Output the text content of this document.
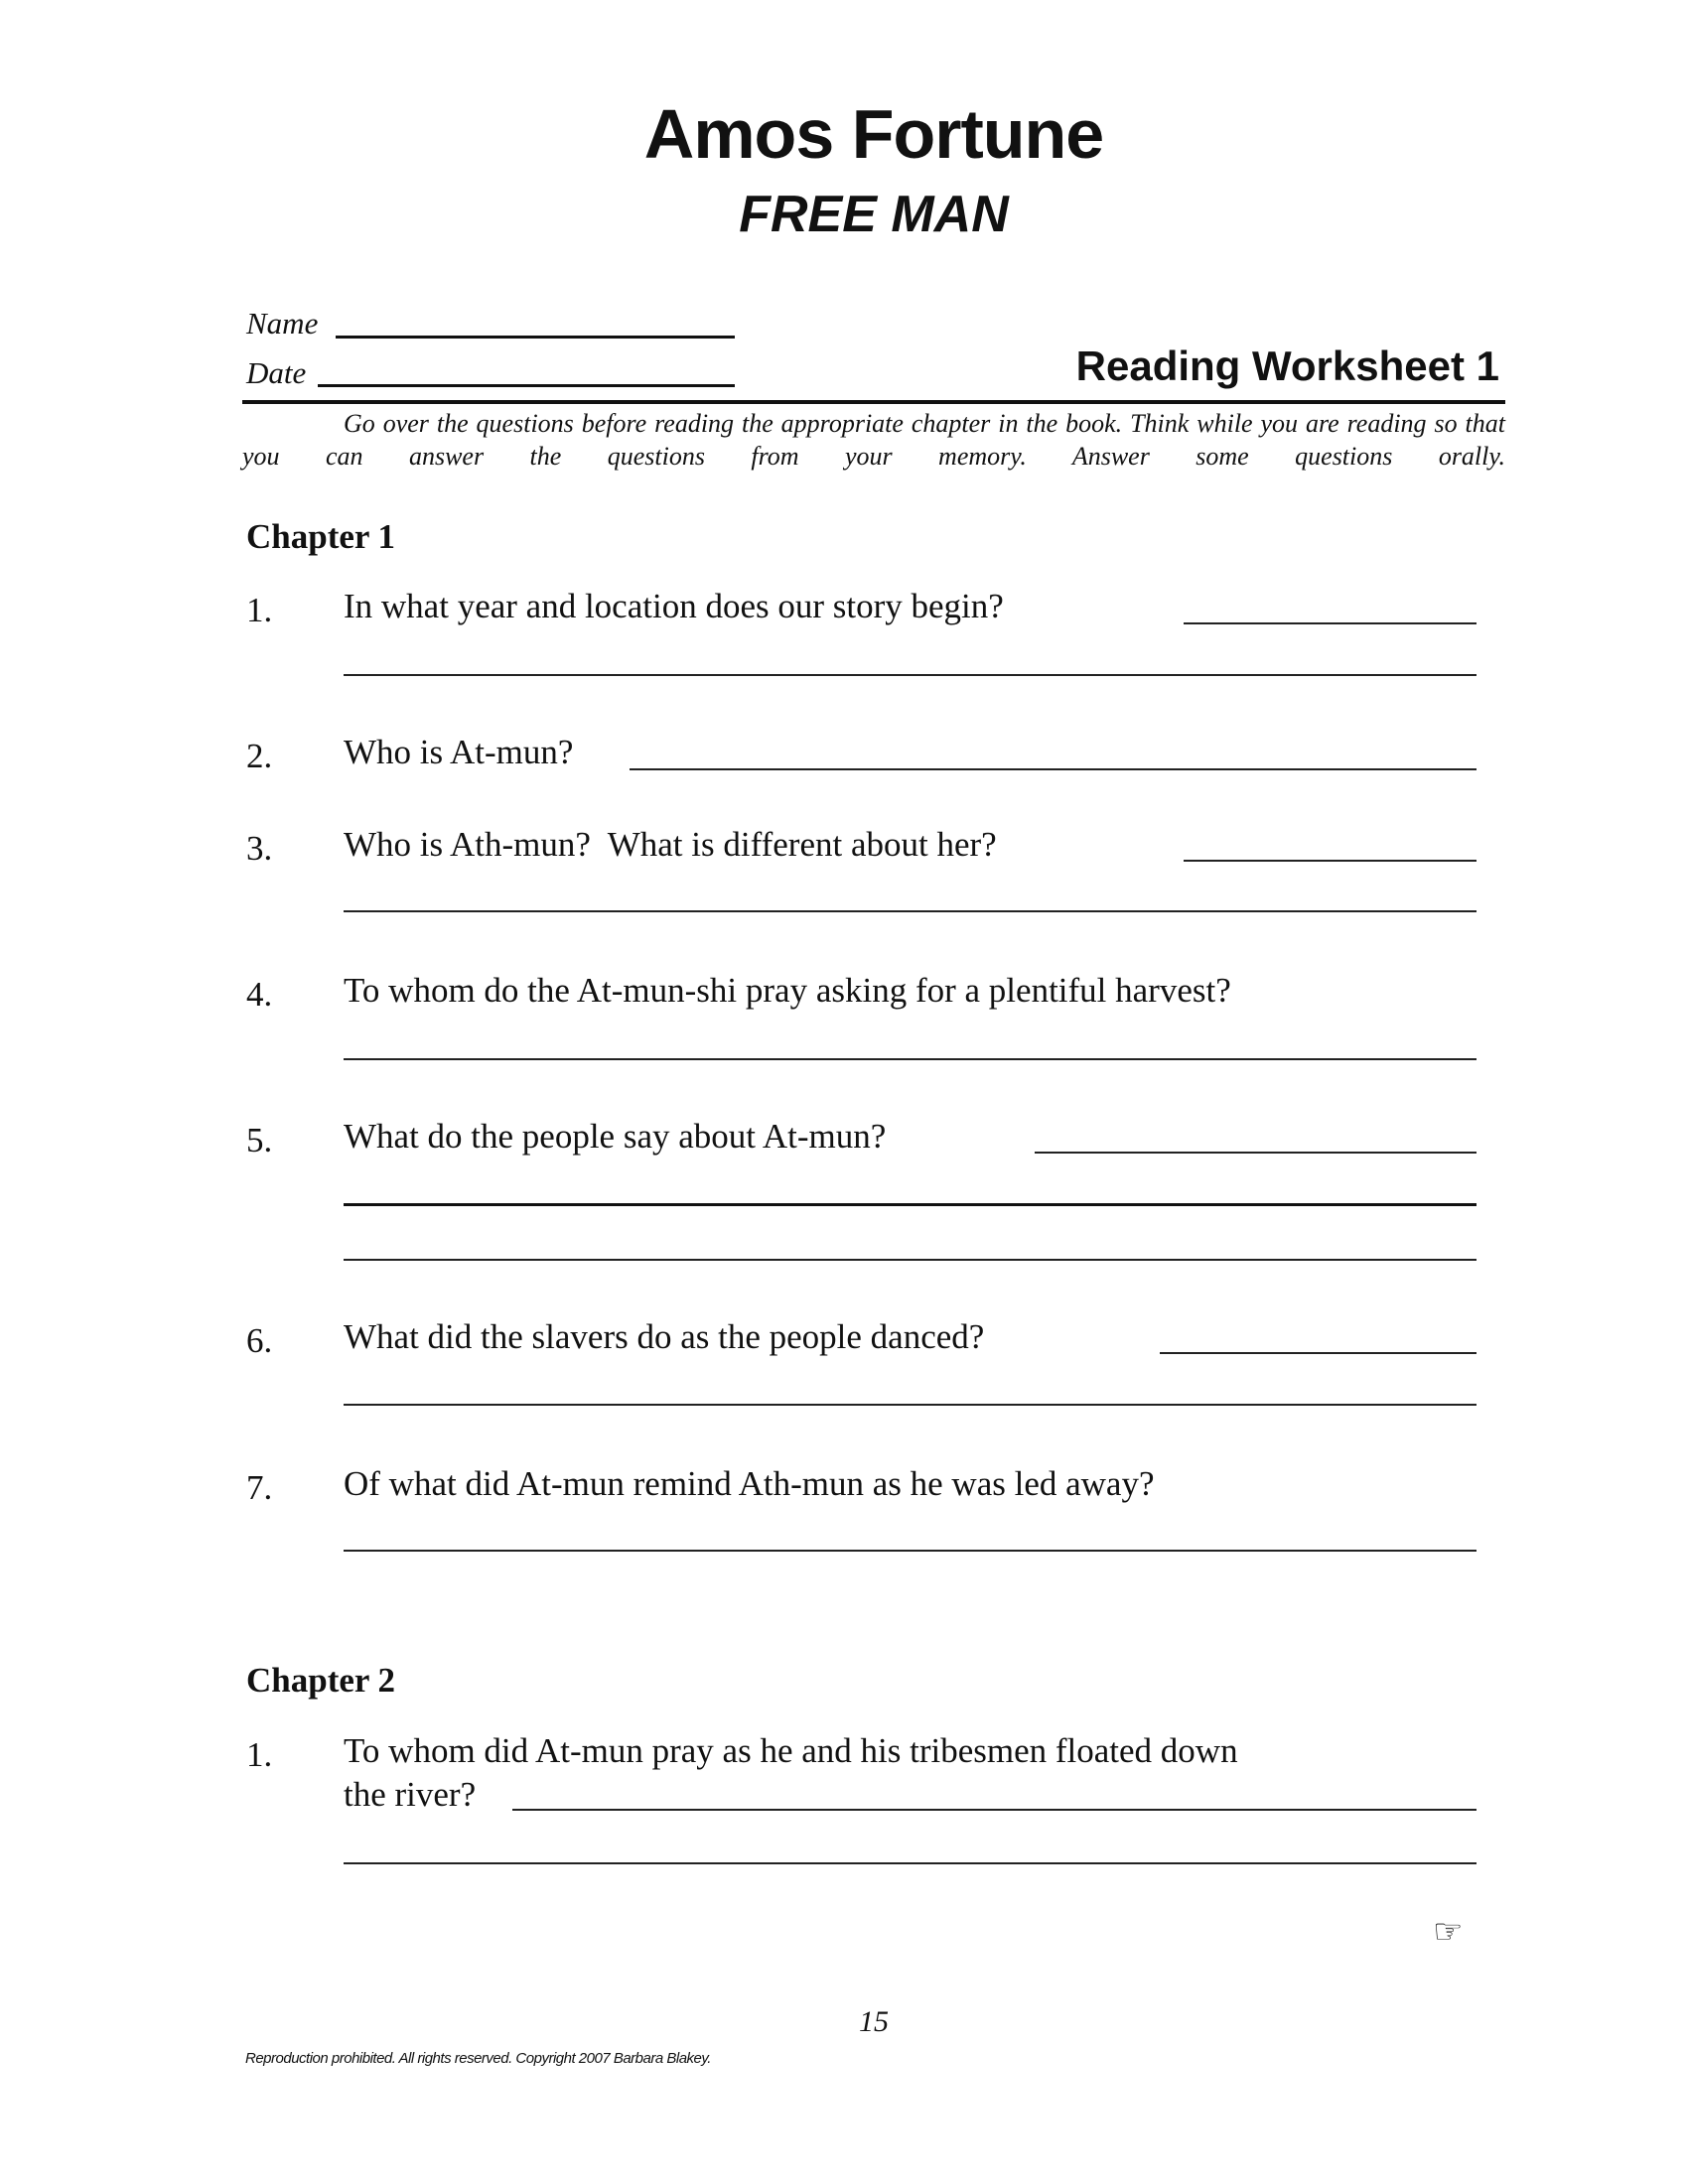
Amos Fortune
FREE MAN
Name
Date	Reading Worksheet 1
Go over the questions before reading the appropriate chapter in the book. Think while you are reading so that you can answer the questions from your memory. Answer some questions orally.
Chapter 1
1. In what year and location does our story begin?
2. Who is At-mun?
3. Who is Ath-mun?  What is different about her?
4. To whom do the At-mun-shi pray asking for a plentiful harvest?
5. What do the people say about At-mun?
6. What did the slavers do as the people danced?
7. Of what did At-mun remind Ath-mun as he was led away?
Chapter 2
1. To whom did At-mun pray as he and his tribesmen floated down
the river?
☞
15
Reproduction prohibited. All rights reserved. Copyright 2007 Barbara Blakey.
